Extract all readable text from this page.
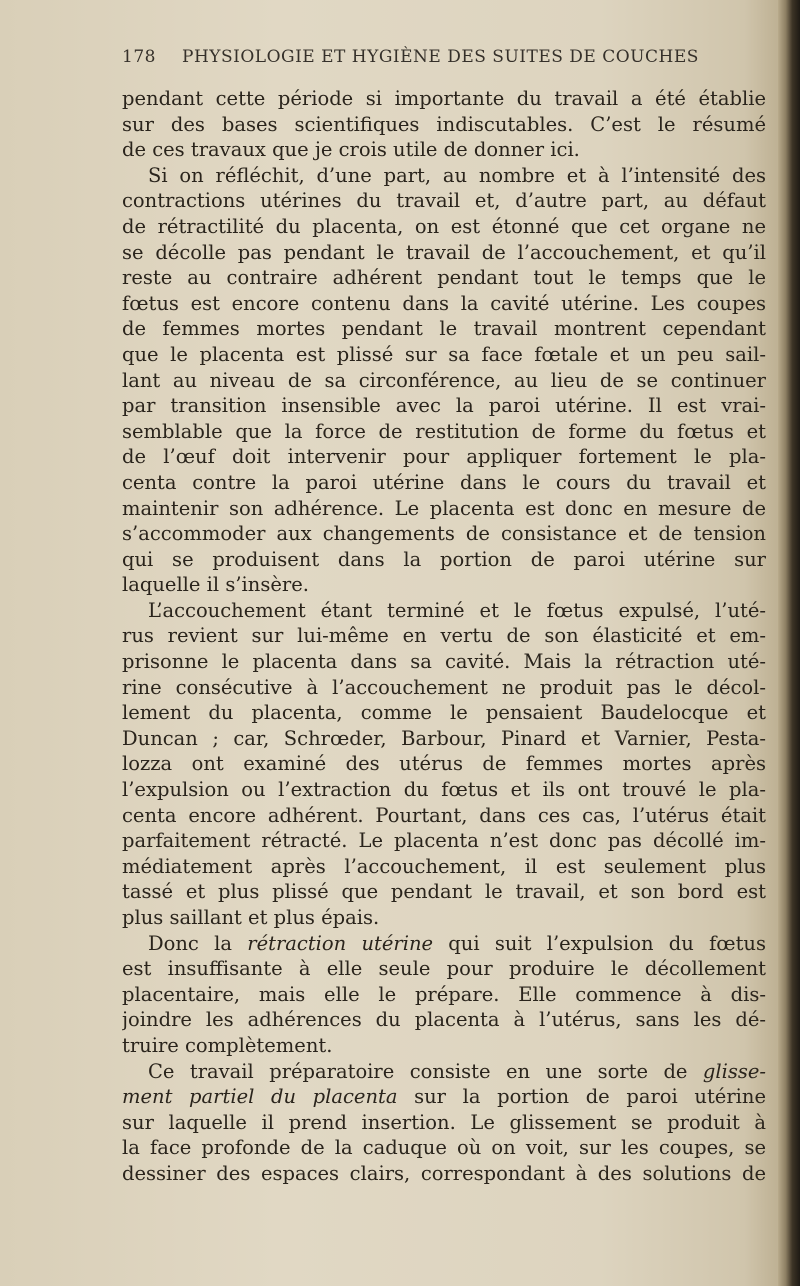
178 PHYSIOLOGIE ET HYGIÈNE DES SUITES DE COUCHES
pendant cette période si importante du travail a été établie
sur des bases scientifiques indiscutables. C’est le résumé
de ces travaux que je crois utile de donner ici.
Si on réfléchit, d’une part, au nombre et à l’intensité des
contractions utérines du travail et, d’autre part, au défaut
de rétractilité du placenta, on est étonné que cet organe ne
se décolle pas pendant le travail de l’accouchement, et qu’il
reste au contraire adhérent pendant tout le temps que le
fœtus est encore contenu dans la cavité utérine. Les coupes
de femmes mortes pendant le travail montrent cependant
que le placenta est plissé sur sa face fœtale et un peu sail-
lant au niveau de sa circonférence, au lieu de se continuer
par transition insensible avec la paroi utérine. Il est vrai-
semblable que la force de restitution de forme du fœtus et
de l’œuf doit intervenir pour appliquer fortement le pla-
centa contre la paroi utérine dans le cours du travail et
maintenir son adhérence. Le placenta est donc en mesure de
s’accommoder aux changements de consistance et de tension
qui se produisent dans la portion de paroi utérine sur
laquelle il s’insère.
L’accouchement étant terminé et le fœtus expulsé, l’uté-
rus revient sur lui-même en vertu de son élasticité et em-
prisonne le placenta dans sa cavité. Mais la rétraction uté-
rine consécutive à l’accouchement ne produit pas le décol-
lement du placenta, comme le pensaient Baudelocque et
Duncan ; car, Schrœder, Barbour, Pinard et Varnier, Pesta-
lozza ont examiné des utérus de femmes mortes après
l’expulsion ou l’extraction du fœtus et ils ont trouvé le pla-
centa encore adhérent. Pourtant, dans ces cas, l’utérus était
parfaitement rétracté. Le placenta n’est donc pas décollé im-
médiatement après l’accouchement, il est seulement plus
tassé et plus plissé que pendant le travail, et son bord est
plus saillant et plus épais.
Donc la rétraction utérine qui suit l’expulsion du fœtus
est insuffisante à elle seule pour produire le décollement
placentaire, mais elle le prépare. Elle commence à dis-
joindre les adhérences du placenta à l’utérus, sans les dé-
truire complètement.
Ce travail préparatoire consiste en une sorte de glisse-
ment partiel du placenta sur la portion de paroi utérine
sur laquelle il prend insertion. Le glissement se produit à
la face profonde de la caduque où on voit, sur les coupes, se
dessiner des espaces clairs, correspondant à des solutions de
